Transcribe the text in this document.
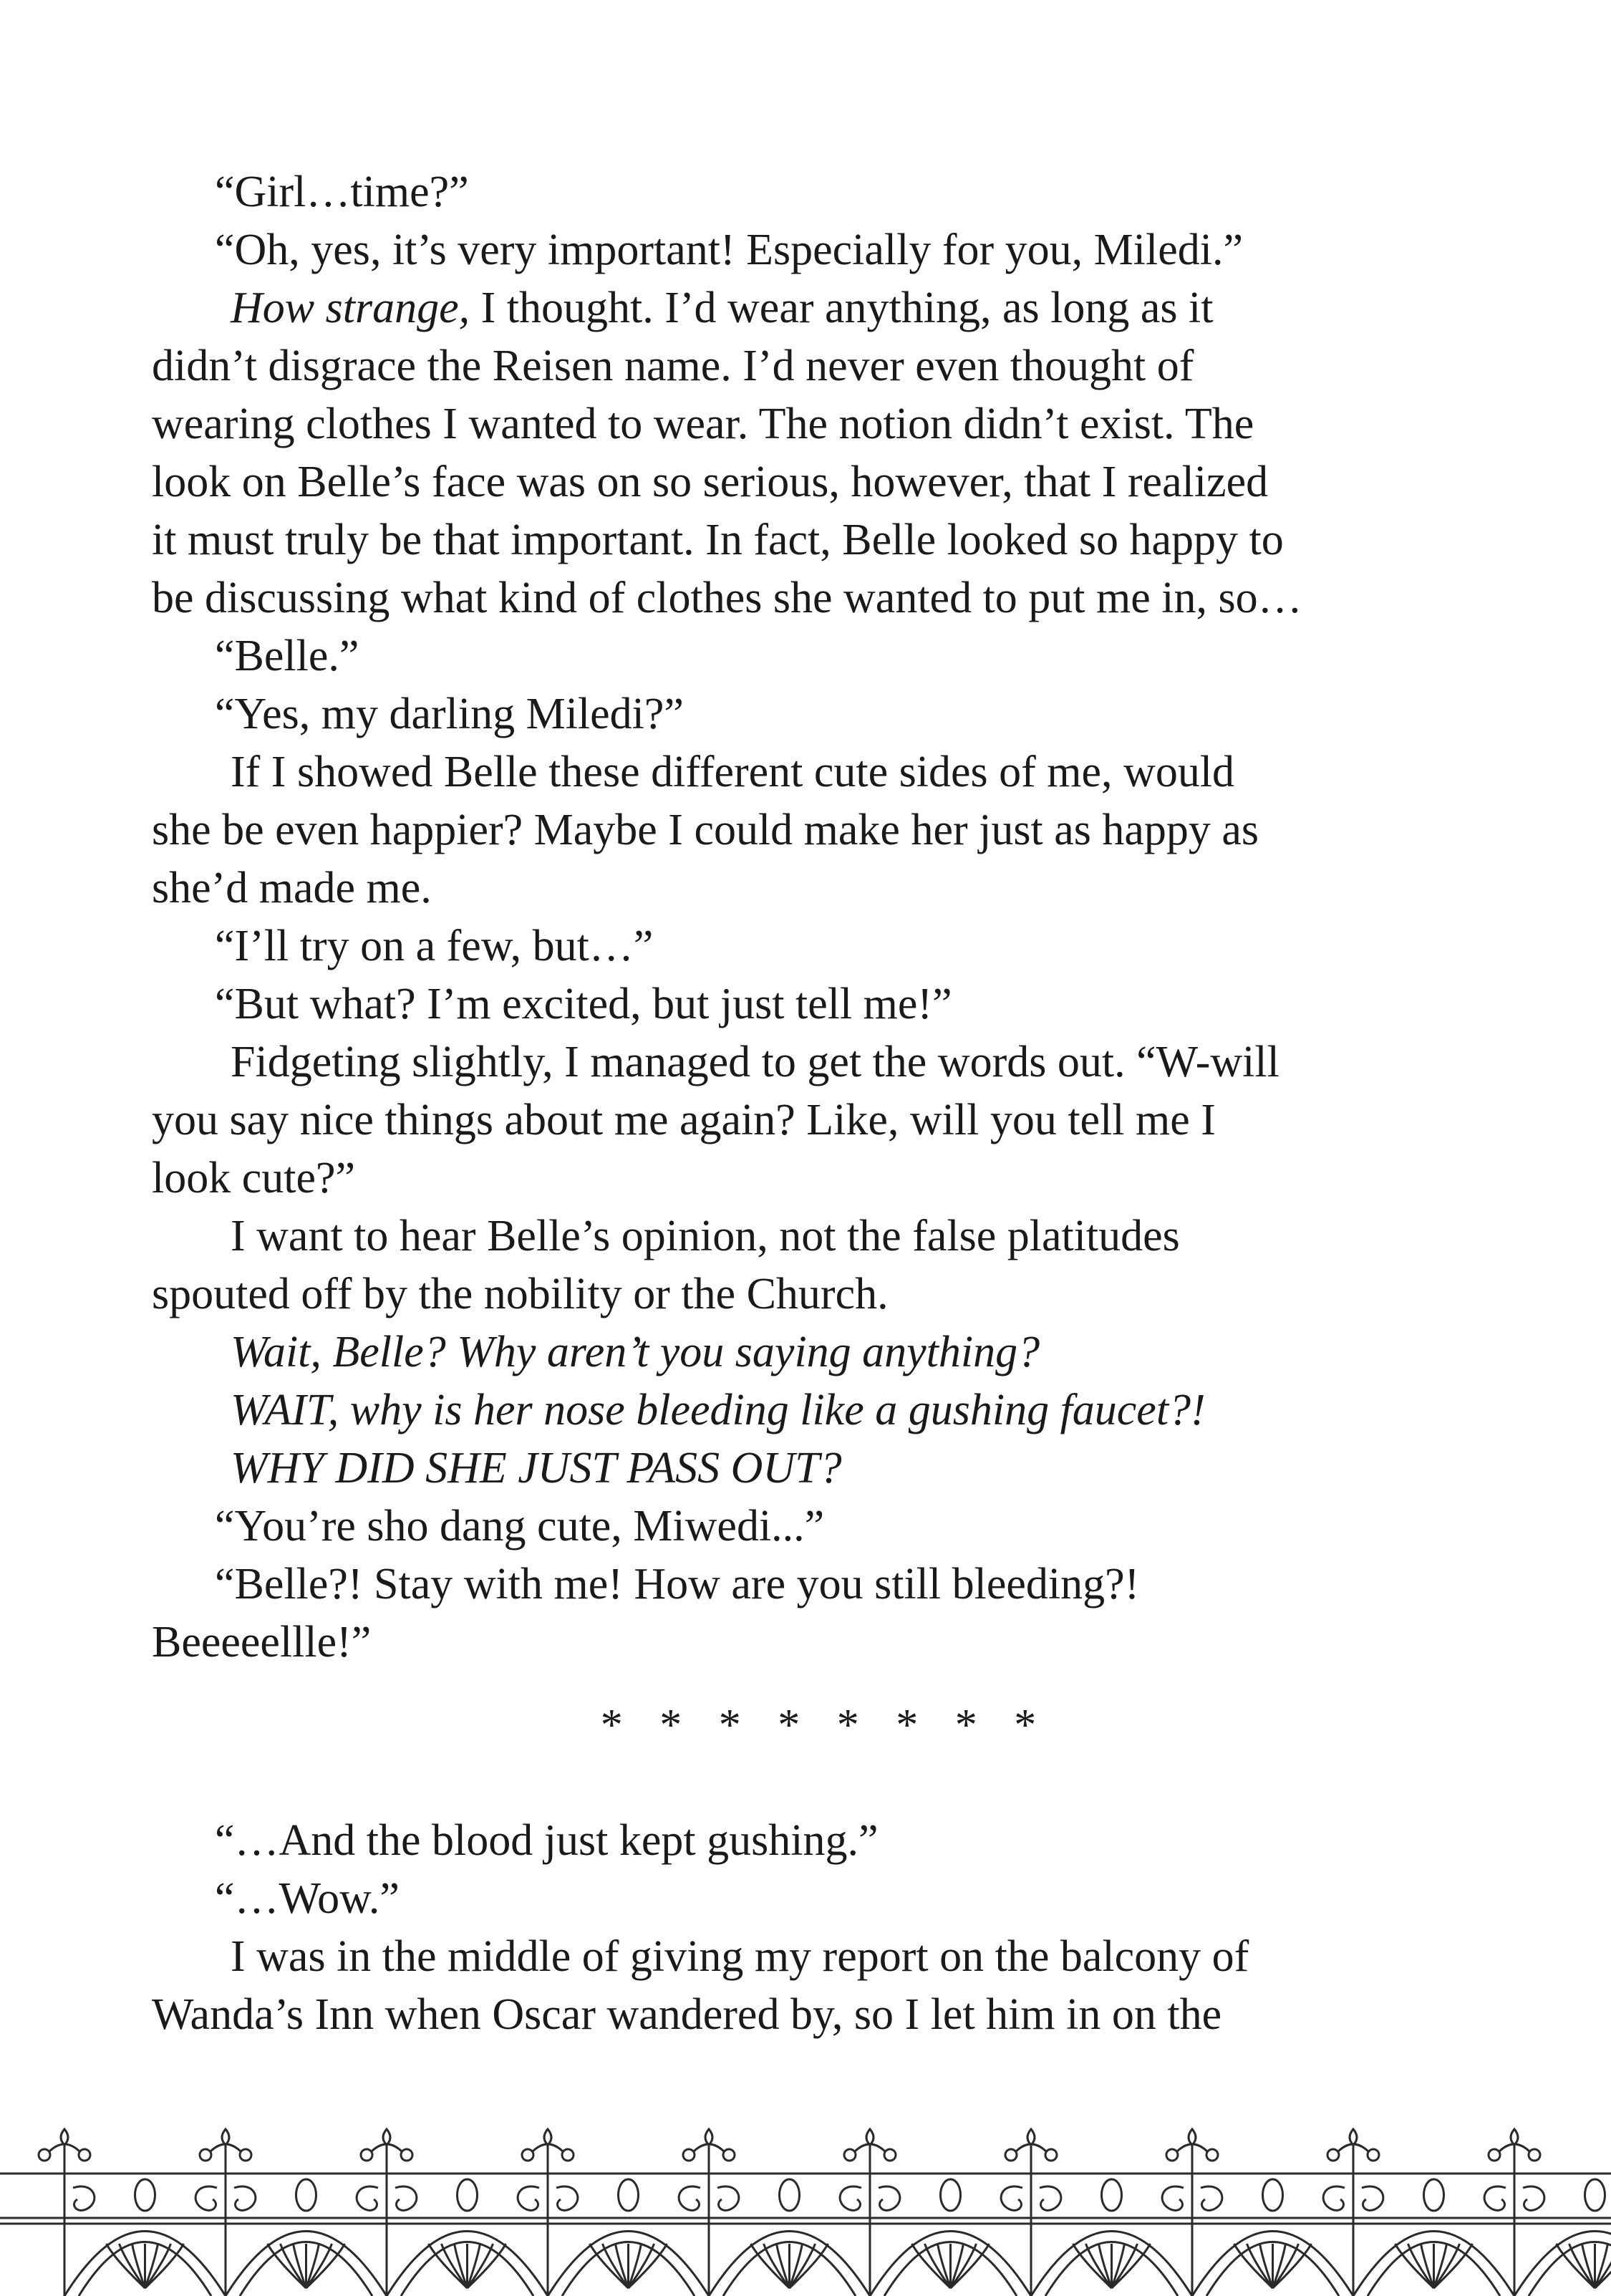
“Girl…time?”
“Oh, yes, it’s very important! Especially for you, Miledi.”
How strange, I thought. I’d wear anything, as long as it
didn’t disgrace the Reisen name. I’d never even thought of
wearing clothes I wanted to wear. The notion didn’t exist. The
look on Belle’s face was on so serious, however, that I realized
it must truly be that important. In fact, Belle looked so happy to
be discussing what kind of clothes she wanted to put me in, so…
“Belle.”
“Yes, my darling Miledi?”
If I showed Belle these different cute sides of me, would
she be even happier? Maybe I could make her just as happy as
she’d made me.
“I’ll try on a few, but…”
“But what? I’m excited, but just tell me!”
Fidgeting slightly, I managed to get the words out. “W-will
you say nice things about me again? Like, will you tell me I
look cute?”
I want to hear Belle’s opinion, not the false platitudes
spouted off by the nobility or the Church.
Wait, Belle? Why aren’t you saying anything?
WAIT, why is her nose bleeding like a gushing faucet?!
WHY DID SHE JUST PASS OUT?
“You’re sho dang cute, Miwedi...”
“Belle?! Stay with me! How are you still bleeding?!
Beeeeellle!”
* * * * * * * *
“…And the blood just kept gushing.”
“…Wow.”
I was in the middle of giving my report on the balcony of
Wanda’s Inn when Oscar wandered by, so I let him in on the
